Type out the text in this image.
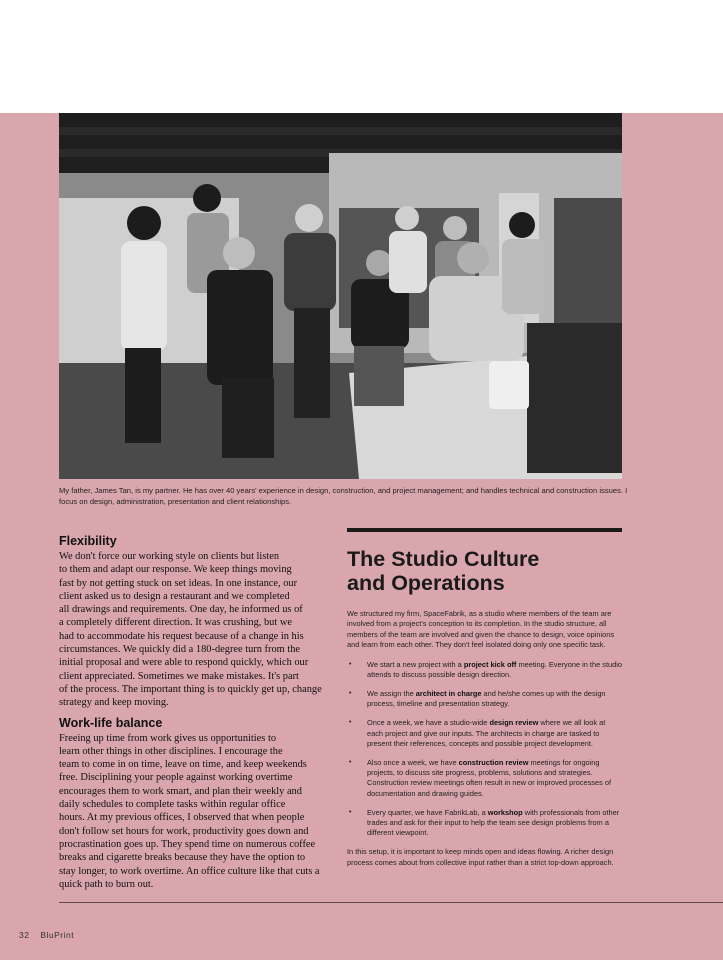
My father, James Tan, is my partner. He has over 40 years' experience in design, construction, and project management; and handles technical and construction issues. I focus on design, administration, presentation and client relationships.

Flexibility

We don't force our working style on clients but listen
to them and adapt our response. We keep things moving
fast by not getting stuck on set ideas. In one instance, our
client asked us to design a restaurant and we completed
all drawings and requirements. One day, he informed us of
a completely different direction. It was crushing, but we
had to accommodate his request because of a change in his
circumstances. We quickly did a 180-degree turn from the
initial proposal and were able to respond quickly, which our
client appreciated. Sometimes we make mistakes. It's part
of the process. The important thing is to quickly get up, change
strategy and keep moving.

Work-life balance

Freeing up time from work gives us opportunities to
learn other things in other disciplines. I encourage the
team to come in on time, leave on time, and keep weekends
free. Disciplining your people against working overtime
encourages them to work smart, and plan their weekly and
daily schedules to complete tasks within regular office
hours. At my previous offices, I observed that when people
don't follow set hours for work, productivity goes down and
procrastination goes up. They spend time on numerous coffee
breaks and cigarette breaks because they have the option to
stay longer, to work overtime. An office culture like that cuts a
quick path to burn out.

The Studio Culture
and Operations

We structured my firm, SpaceFabrik, as a studio where members of the team are involved from a project's conception to its completion. In the studio structure, all members of the team are involved and given the chance to design, voice opinions and learn from each other. They don't feel isolated doing only one specific task.

• We start a new project with a project kick off meeting. Everyone in the studio attends to discuss possible design direction.
• We assign the architect in charge and he/she comes up with the design process, timeline and presentation strategy.
• Once a week, we have a studio-wide design review where we all look at each project and give our inputs. The architects in charge are tasked to present their references, concepts and possible project development.
• Also once a week, we have construction review meetings for ongoing projects, to discuss site progress, problems, solutions and strategies. Construction review meetings often result in new or improved processes of documentation and drawing guides.
• Every quarter, we have FabrikLab, a workshop with professionals from other trades and ask for their input to help the team see design problems from a different viewpoint.

In this setup, it is important to keep minds open and ideas flowing. A richer design process comes about from collective input rather than a strict top-down approach.

32 BluPrint
